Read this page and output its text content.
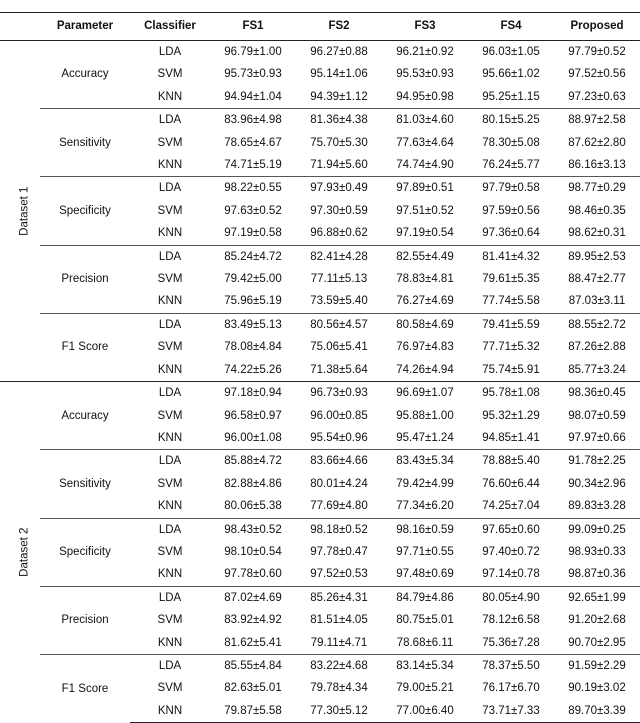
	Parameter	Classifier	FS1	FS2	FS3	FS4	Proposed
Dataset 1	Accuracy	LDA	96.79±1.00	96.27±0.88	96.21±0.92	96.03±1.05	97.79±0.52
		SVM	95.73±0.93	95.14±1.06	95.53±0.93	95.66±1.02	97.52±0.56
		KNN	94.94±1.04	94.39±1.12	94.95±0.98	95.25±1.15	97.23±0.63
	Sensitivity	LDA	83.96±4.98	81.36±4.38	81.03±4.60	80.15±5.25	88.97±2.58
		SVM	78.65±4.67	75.70±5.30	77.63±4.64	78.30±5.08	87.62±2.80
		KNN	74.71±5.19	71.94±5.60	74.74±4.90	76.24±5.77	86.16±3.13
	Specificity	LDA	98.22±0.55	97.93±0.49	97.89±0.51	97.79±0.58	98.77±0.29
		SVM	97.63±0.52	97.30±0.59	97.51±0.52	97.59±0.56	98.46±0.35
		KNN	97.19±0.58	96.88±0.62	97.19±0.54	97.36±0.64	98.62±0.31
	Precision	LDA	85.24±4.72	82.41±4.28	82.55±4.49	81.41±4.32	89.95±2.53
		SVM	79.42±5.00	77.11±5.13	78.83±4.81	79.61±5.35	88.47±2.77
		KNN	75.96±5.19	73.59±5.40	76.27±4.69	77.74±5.58	87.03±3.11
	F1 Score	LDA	83.49±5.13	80.56±4.57	80.58±4.69	79.41±5.59	88.55±2.72
		SVM	78.08±4.84	75.06±5.41	76.97±4.83	77.71±5.32	87.26±2.88
		KNN	74.22±5.26	71.38±5.64	74.26±4.94	75.74±5.91	85.77±3.24
Dataset 2	Accuracy	LDA	97.18±0.94	96.73±0.93	96.69±1.07	95.78±1.08	98.36±0.45
		SVM	96.58±0.97	96.00±0.85	95.88±1.00	95.32±1.29	98.07±0.59
		KNN	96.00±1.08	95.54±0.96	95.47±1.24	94.85±1.41	97.97±0.66
	Sensitivity	LDA	85.88±4.72	83.66±4.66	83.43±5.34	78.88±5.40	91.78±2.25
		SVM	82.88±4.86	80.01±4.24	79.42±4.99	76.60±6.44	90.34±2.96
		KNN	80.06±5.38	77.69±4.80	77.34±6.20	74.25±7.04	89.83±3.28
	Specificity	LDA	98.43±0.52	98.18±0.52	98.16±0.59	97.65±0.60	99.09±0.25
		SVM	98.10±0.54	97.78±0.47	97.71±0.55	97.40±0.72	98.93±0.33
		KNN	97.78±0.60	97.52±0.53	97.48±0.69	97.14±0.78	98.87±0.36
	Precision	LDA	87.02±4.69	85.26±4.31	84.79±4.86	80.05±4.90	92.65±1.99
		SVM	83.92±4.92	81.51±4.05	80.75±5.01	78.12±6.58	91.20±2.68
		KNN	81.62±5.41	79.11±4.71	78.68±6.11	75.36±7.28	90.70±2.95
	F1 Score	LDA	85.55±4.84	83.22±4.68	83.14±5.34	78.37±5.50	91.59±2.29
		SVM	82.63±5.01	79.78±4.34	79.00±5.21	76.17±6.70	90.19±3.02
		KNN	79.87±5.58	77.30±5.12	77.00±6.40	73.71±7.33	89.70±3.39
